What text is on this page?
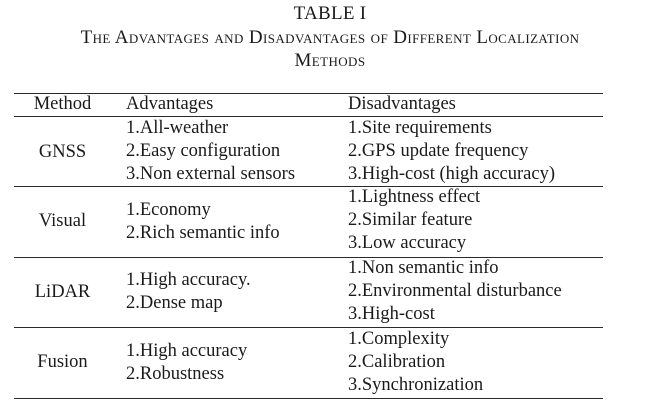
TABLE I
The Advantages and Disadvantages of Different Localization
Methods
Method	Advantages	Disadvantages
GNSS
1.All-weather
2.Easy configuration
3.Non external sensors
1.Site requirements
2.GPS update frequency
3.High-cost (high accuracy)
Visual
1.Economy
2.Rich semantic info
1.Lightness effect
2.Similar feature
3.Low accuracy
LiDAR
1.High accuracy.
2.Dense map
1.Non semantic info
2.Environmental disturbance
3.High-cost
Fusion
1.High accuracy
2.Robustness
1.Complexity
2.Calibration
3.Synchronization
